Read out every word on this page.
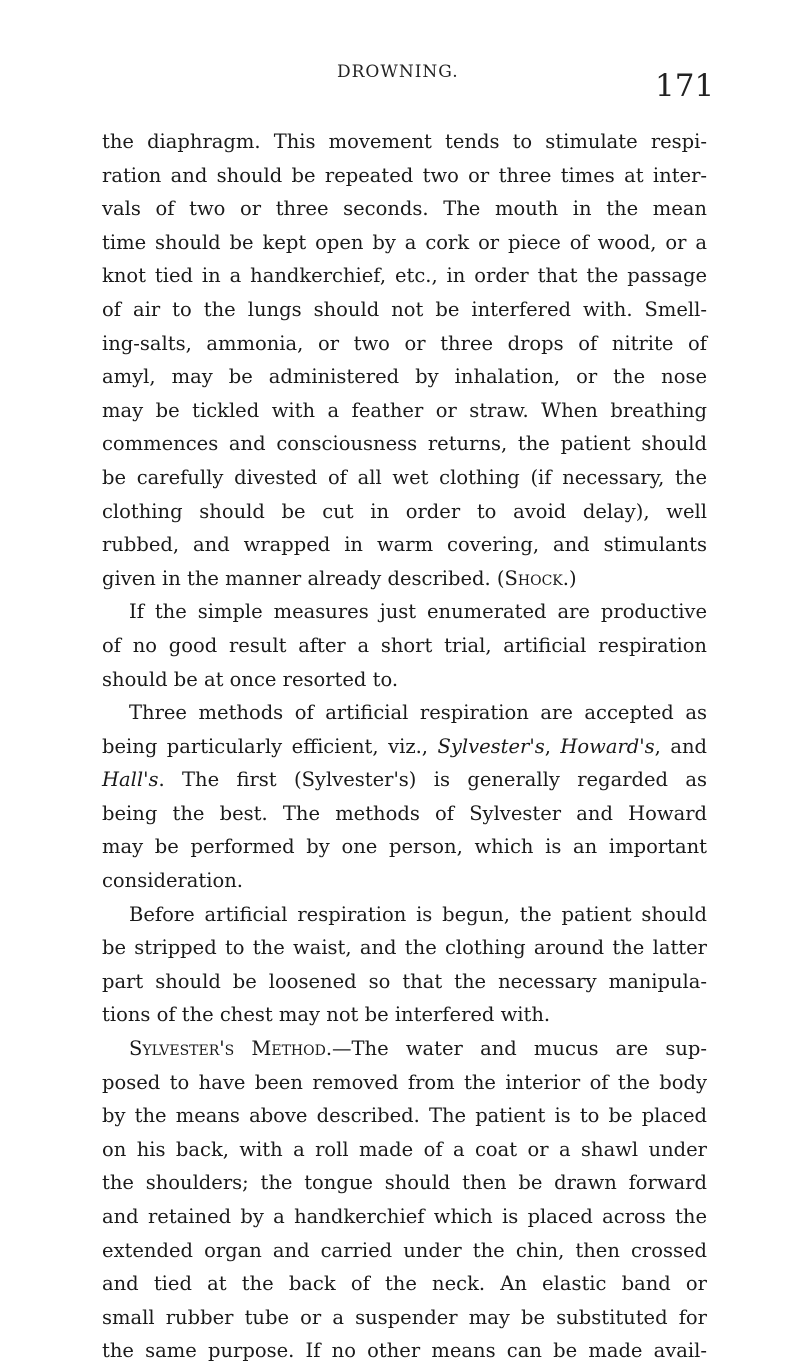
DROWNING.	171
the diaphragm. This movement tends to stimulate respi-
ration and should be repeated two or three times at inter-
vals of two or three seconds. The mouth in the mean
time should be kept open by a cork or piece of wood, or a
knot tied in a handkerchief, etc., in order that the passage
of air to the lungs should not be interfered with. Smell-
ing-salts, ammonia, or two or three drops of nitrite of
amyl, may be administered by inhalation, or the nose
may be tickled with a feather or straw. When breathing
commences and consciousness returns, the patient should
be carefully divested of all wet clothing (if necessary, the
clothing should be cut in order to avoid delay), well
rubbed, and wrapped in warm covering, and stimulants
given in the manner already described. (Shock.)
If the simple measures just enumerated are productive
of no good result after a short trial, artificial respiration
should be at once resorted to.
Three methods of artificial respiration are accepted as
being particularly efficient, viz., Sylvester's, Howard's, and
Hall's. The first (Sylvester's) is generally regarded as
being the best. The methods of Sylvester and Howard
may be performed by one person, which is an important
consideration.
Before artificial respiration is begun, the patient should
be stripped to the waist, and the clothing around the latter
part should be loosened so that the necessary manipula-
tions of the chest may not be interfered with.
Sylvester's Method.—The water and mucus are sup-
posed to have been removed from the interior of the body
by the means above described. The patient is to be placed
on his back, with a roll made of a coat or a shawl under
the shoulders; the tongue should then be drawn forward
and retained by a handkerchief which is placed across the
extended organ and carried under the chin, then crossed
and tied at the back of the neck. An elastic band or
small rubber tube or a suspender may be substituted for
the same purpose. If no other means can be made avail-
